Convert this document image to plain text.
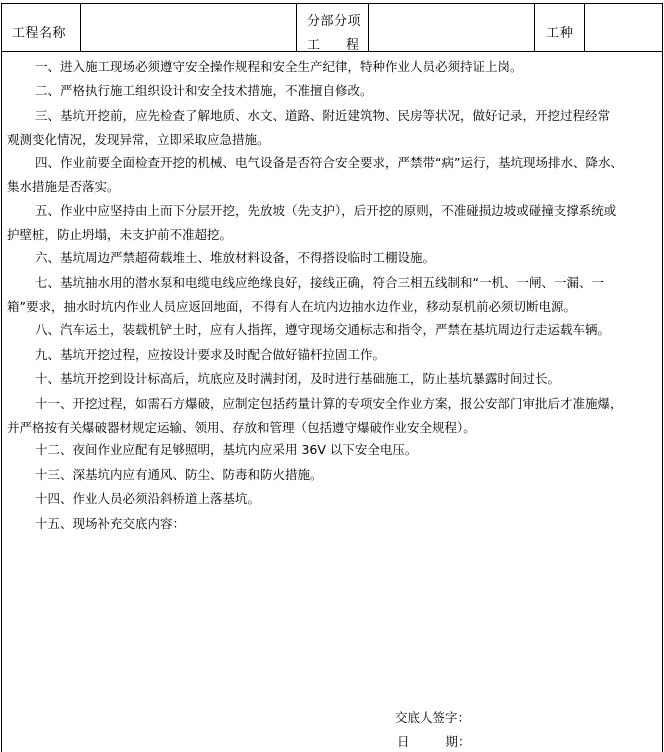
工程名称
分部分项
工 程
工种
一、进入施工现场必须遵守安全操作规程和安全生产纪律，特种作业人员必须持证上岗。
二、严格执行施工组织设计和安全技术措施，不准擅自修改。
三、基坑开挖前，应先检查了解地质、水文、道路、附近建筑物、民房等状况，做好记录，开挖过程经常
观测变化情况，发现异常，立即采取应急措施。
四、作业前要全面检查开挖的机械、电气设备是否符合安全要求，严禁带“病”运行，基坑现场排水、降水、
集水措施是否落实。
五、作业中应坚持由上而下分层开挖，先放坡（先支护），后开挖的原则，不准碰损边坡或碰撞支撑系统或
护壁桩，防止坍塌，未支护前不准超挖。
六、基坑周边严禁超荷载堆土、堆放材料设备，不得搭设临时工棚设施。
七、基坑抽水用的潜水泵和电缆电线应绝缘良好，接线正确，符合三相五线制和“一机、一闸、一漏、一
箱”要求，抽水时坑内作业人员应返回地面，不得有人在坑内边抽水边作业，移动泵机前必须切断电源。
八、汽车运土，装载机铲土时，应有人指挥，遵守现场交通标志和指令，严禁在基坑周边行走运载车辆。
九、基坑开挖过程，应按设计要求及时配合做好锚杆拉固工作。
十、基坑开挖到设计标高后，坑底应及时满封闭，及时进行基础施工，防止基坑暴露时间过长。
十一、开挖过程，如需石方爆破，应制定包括药量计算的专项安全作业方案，报公安部门审批后才准施爆，
并严格按有关爆破器材规定运输、领用、存放和管理（包括遵守爆破作业安全规程）。
十二、夜间作业应配有足够照明，基坑内应采用 36V 以下安全电压。
十三、深基坑内应有通风、防尘、防毒和防火措施。
十四、作业人员必须沿斜桥道上落基坑。
十五、现场补充交底内容：
交底人签字：
日	期：
